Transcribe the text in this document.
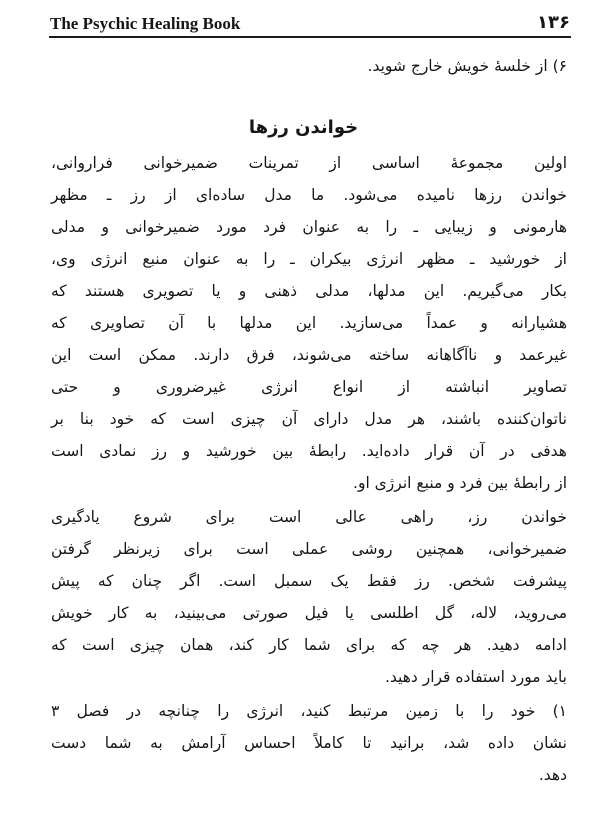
The Psychic Healing Book	۱۳۶
۶) از خلسهٔ خویش خارج شوید.
خواندن رزها
اولین مجموعهٔ اساسی از تمرینات ضمیرخوانی فراروانی،
خواندن رزها نامیده می‌شود. ما مدل ساده‌ای از رز ـ مظهر
هارمونی و زیبایی ـ را به عنوان فرد مورد ضمیرخوانی و مدلی
از خورشید ـ مظهر انرژی بیکران ـ را به عنوان منبع انرژی وی،
بکار می‌گیریم. این مدلها، مدلی ذهنی و یا تصویری هستند که
هشیارانه و عمداً می‌سازید. این مدلها با آن تصاویری که
غیرعمد و ناآگاهانه ساخته می‌شوند، فرق دارند. ممکن است این
تصاویر انباشته از انواع انرژی غیرضروری و حتی
ناتوان‌کننده باشند، هر مدل دارای آن چیزی است که خود بنا بر
هدفی در آن قرار داده‌اید. رابطهٔ بین خورشید و رز نمادی است
از رابطهٔ بین فرد و منبع انرژی او.
خواندن رز، راهی عالی است برای شروع یادگیری
ضمیرخوانی، همچنین روشی عملی است برای زیرنظر گرفتن
پیشرفت شخص. رز فقط یک سمبل است. اگر چنان که پیش
می‌روید، لاله، گل اطلسی یا فیل صورتی می‌بینید، به کار خویش
ادامه دهید. هر چه که برای شما کار کند، همان چیزی است که
باید مورد استفاده قرار دهید.
۱) خود را با زمین مرتبط کنید، انرژی را چنانچه در فصل ۳
نشان داده شد، برانید تا کاملاً احساس آرامش به شما دست
دهد.
